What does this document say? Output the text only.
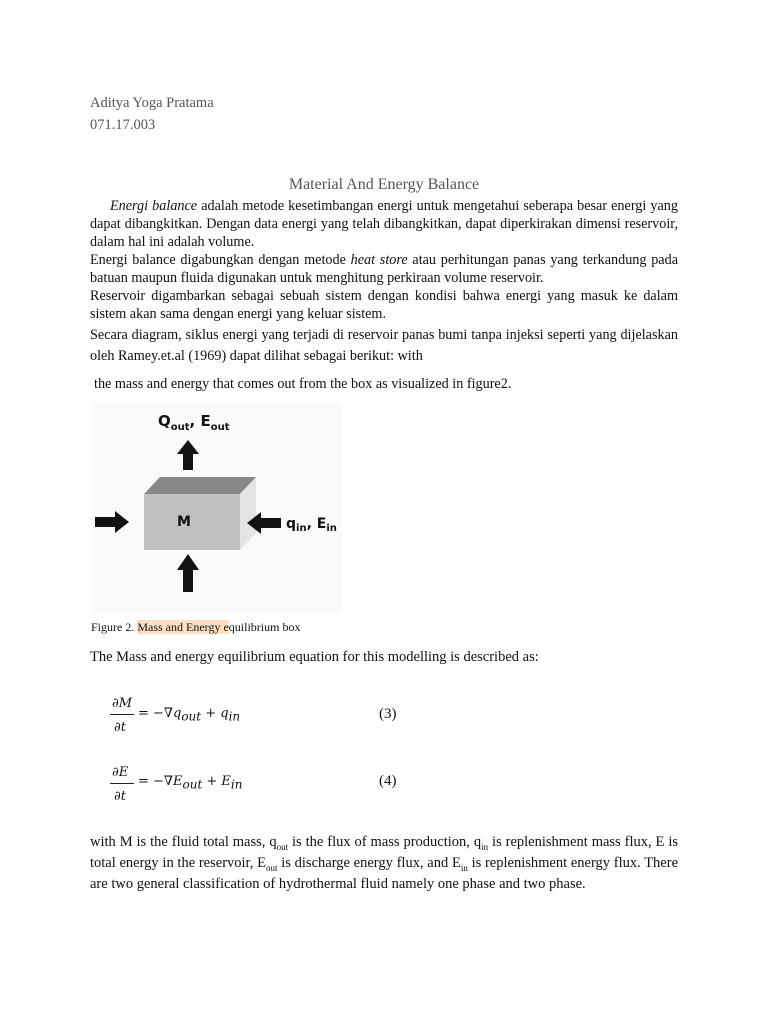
Aditya Yoga Pratama
071.17.003
Material And Energy Balance

Energi balance adalah metode kesetimbangan energi untuk mengetahui seberapa besar energi yang dapat dibangkitkan. Dengan data energi yang telah dibangkitkan, dapat diperkirakan dimensi reservoir, dalam hal ini adalah volume.

Energi balance digabungkan dengan metode heat store atau perhitungan panas yang terkandung pada batuan maupun fluida digunakan untuk menghitung perkiraan volume reservoir.

Reservoir digambarkan sebagai sebuah sistem dengan kondisi bahwa energi yang masuk ke dalam sistem akan sama dengan energi yang keluar sistem.

Secara diagram, siklus energi yang terjadi di reservoir panas bumi tanpa injeksi seperti yang dijelaskan oleh Ramey.et.al (1969) dapat dilihat sebagai berikut: with

the mass and energy that comes out from the box as visualized in figure2.
$Q_{out}$, $E_{out}$
M	$q_{in}$, $E_{in}$
Figure 2. Mass and Energy equilibrium box
The Mass and energy equilibrium equation for this modelling is described as:
∂M
∂t
= $-\nabla q_{out} + q_{in}$	(3)
∂E
∂t
= $-\nabla E_{out} + E_{in}$	(4)
with M is the fluid total mass, $q_{out}$ is the flux of mass production, $q_{in}$ is replenishment mass flux, E is total energy in the reservoir, $E_{out}$ is discharge energy flux, and $E_{in}$ is replenishment energy flux. There are two general classification of hydrothermal fluid namely one phase and two phase.
